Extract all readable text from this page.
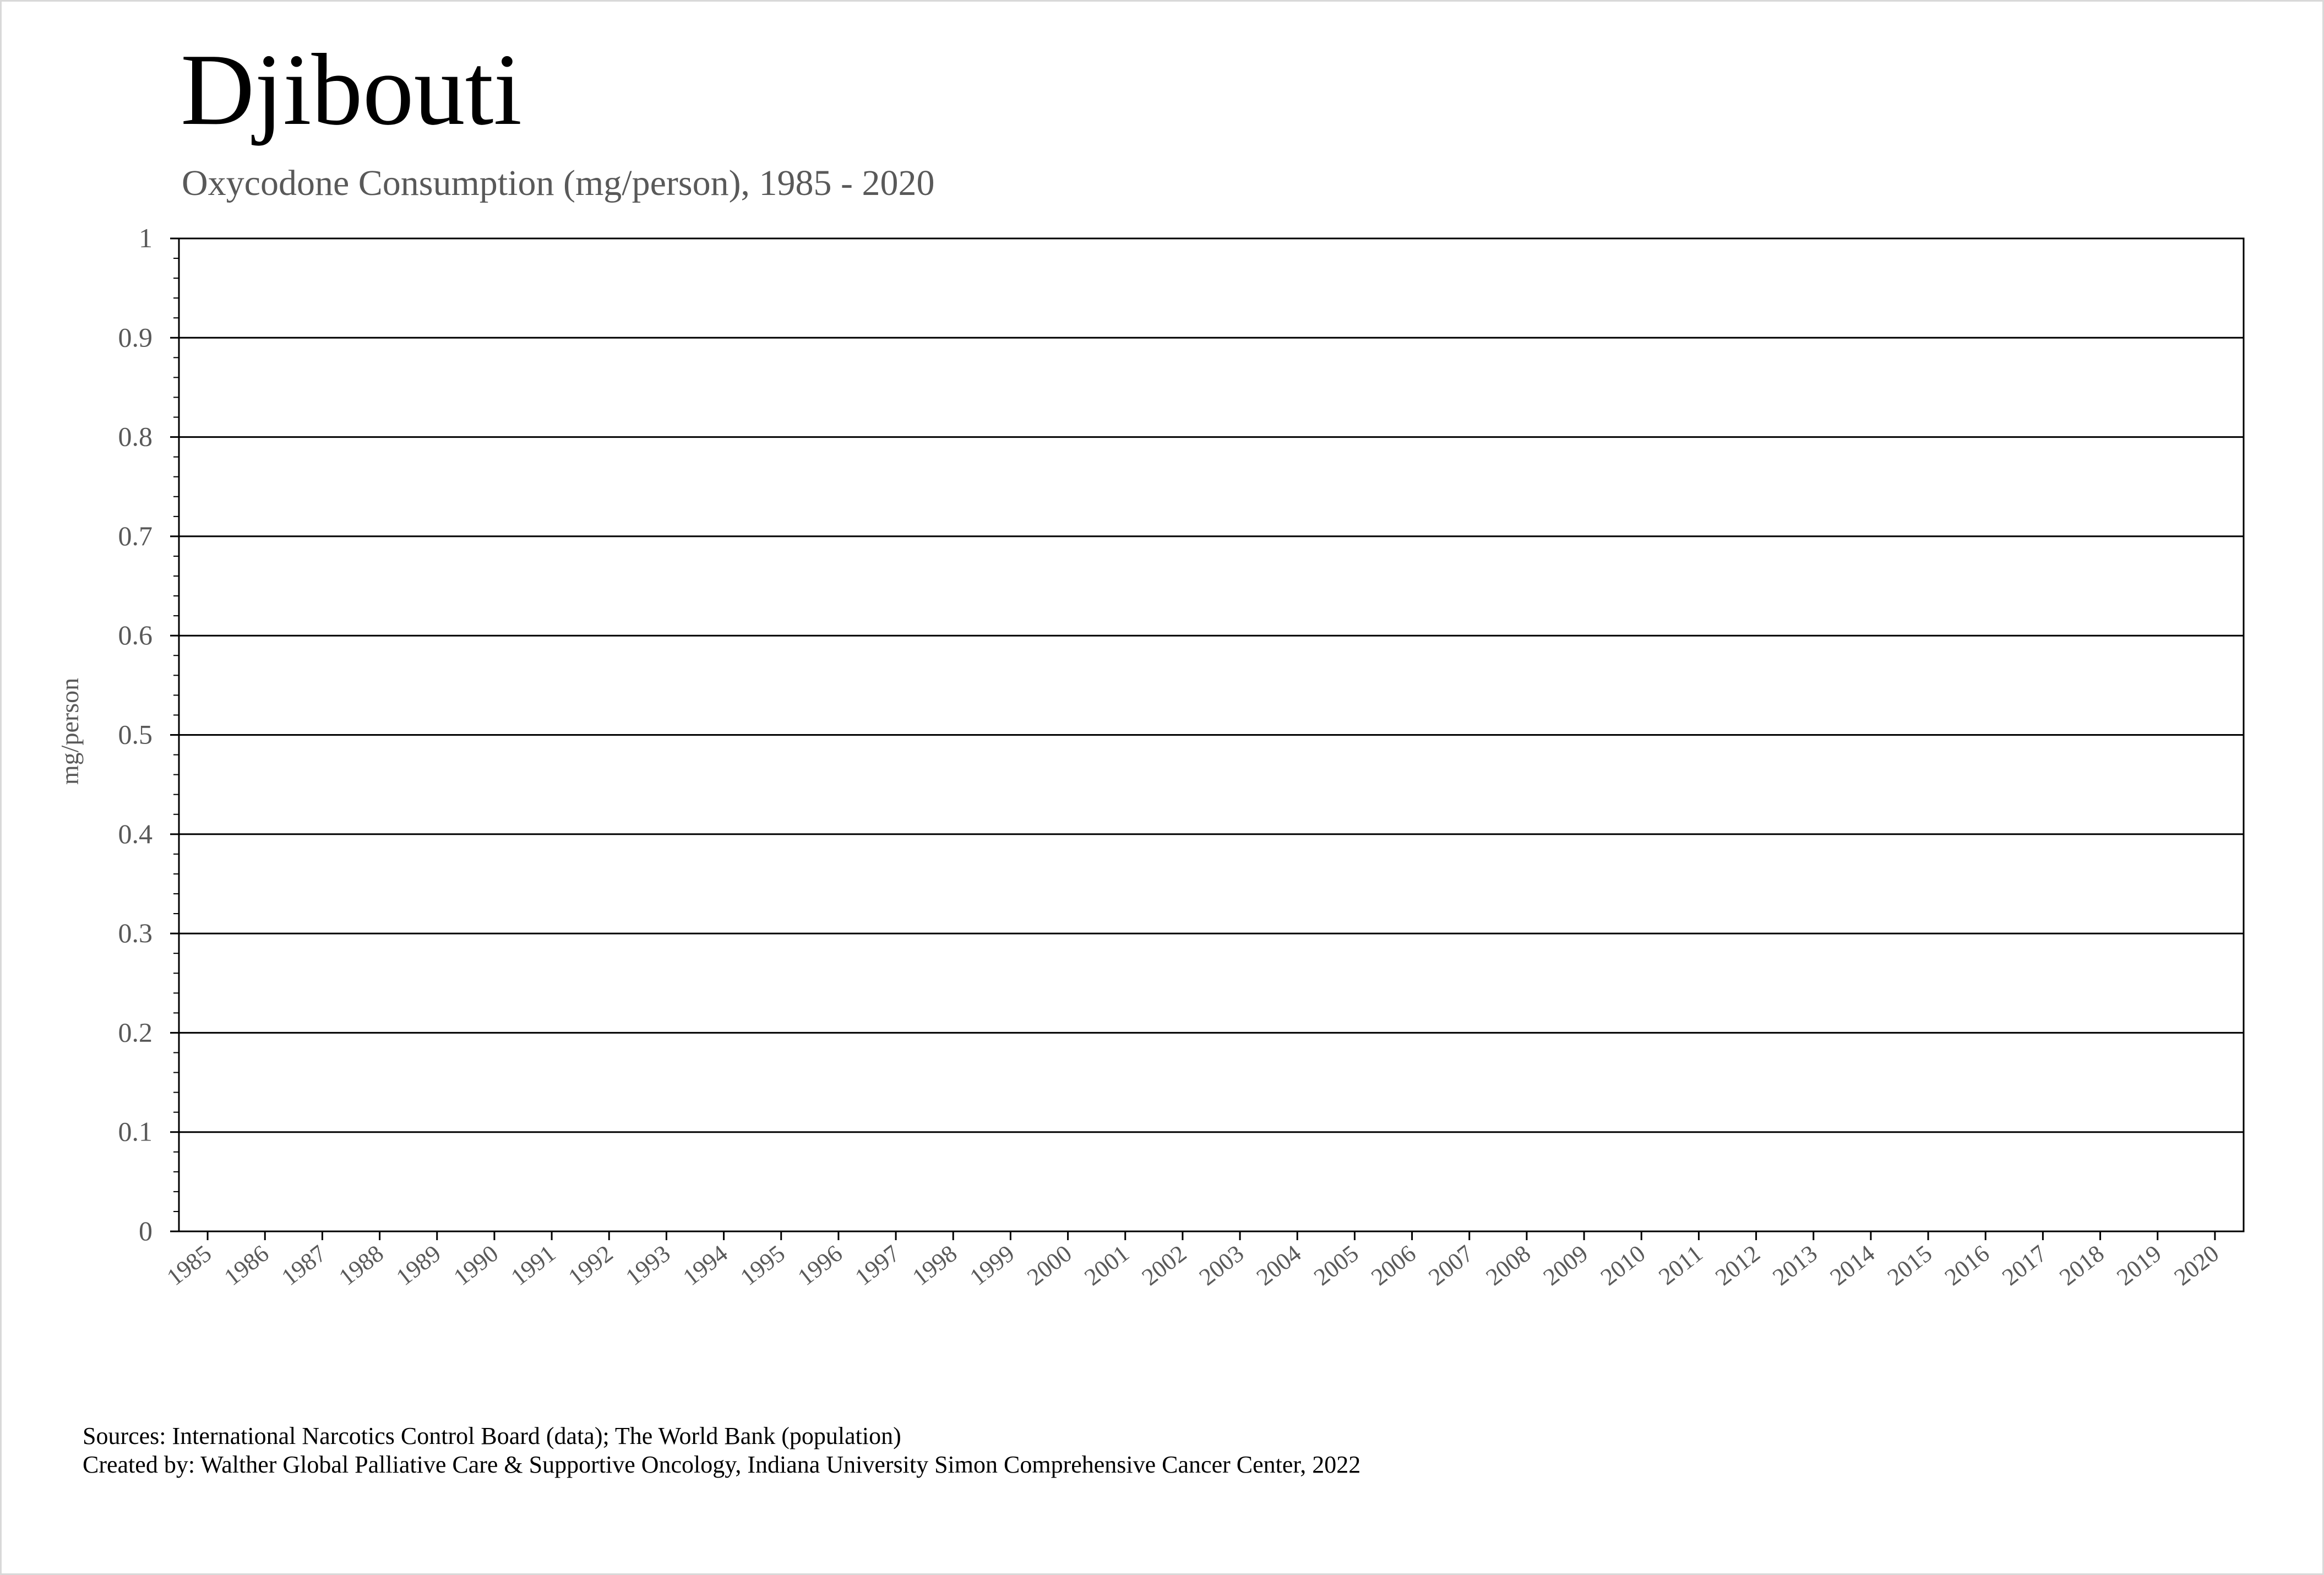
Djibouti
Oxycodone Consumption (mg/person), 1985 - 2020
0
0.1
0.2
0.3
0.4
0.5
0.6
0.7
0.8
0.9
1
1985 1986 1987 1988 1989 1990 1991 1992 1993 1994 1995 1996 1997 1998 1999 2000 2001 2002 2003 2004 2005 2006 2007 2008 2009 2010 2011 2012 2013 2014 2015 2016 2017 2018 2019 2020
mg/person
Sources: International Narcotics Control Board (data); The World Bank (population)
Created by: Walther Global Palliative Care & Supportive Oncology, Indiana University Simon Comprehensive Cancer Center, 2022
